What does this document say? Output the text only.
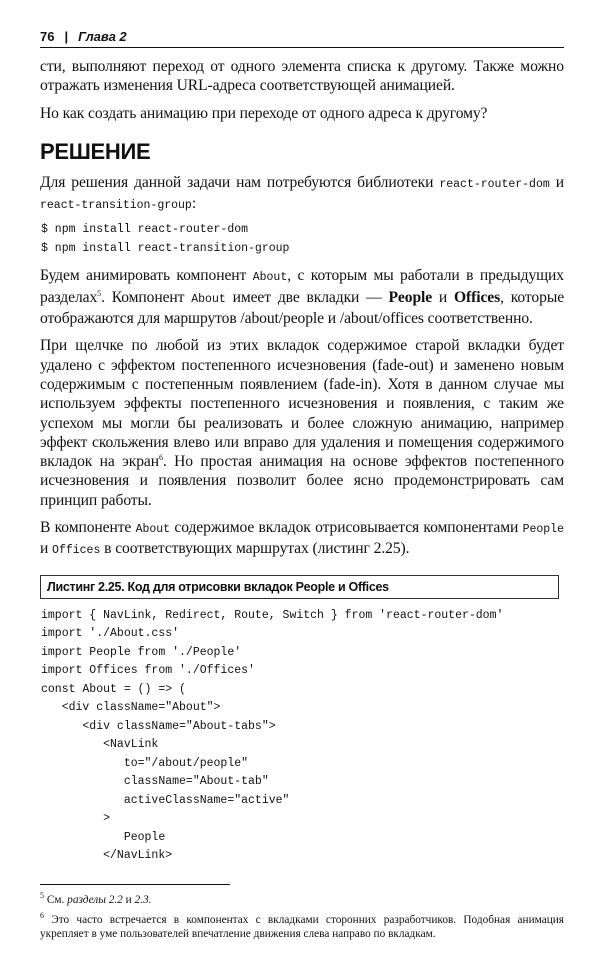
76 | Глава 2
сти, выполняют переход от одного элемента списка к другому. Также можно отражать изменения URL-адреса соответствующей анимацией.
Но как создать анимацию при переходе от одного адреса к другому?
РЕШЕНИЕ
Для решения данной задачи нам потребуются библиотеки react-router-dom и react-transition-group:
$ npm install react-router-dom
$ npm install react-transition-group
Будем анимировать компонент About, с которым мы работали в предыдущих разделах$^5$. Компонент About имеет две вкладки — People и Offices, которые отображаются для маршрутов /about/people и /about/offices соответственно.
При щелчке по любой из этих вкладок содержимое старой вкладки будет удалено с эффектом постепенного исчезновения (fade-out) и заменено новым содержимым с постепенным появлением (fade-in). Хотя в данном случае мы используем эффекты постепенного исчезновения и появления, с таким же успехом мы могли бы реализовать и более сложную анимацию, например эффект скольжения влево или вправо для удаления и помещения содержимого вкладок на экран$^6$. Но простая анимация на основе эффектов постепенного исчезновения и появления позволит более ясно продемонстрировать сам принцип работы.
В компоненте About содержимое вкладок отрисовывается компонентами People и Offices в соответствующих маршрутах (листинг 2.25).
Листинг 2.25. Код для отрисовки вкладок People и Offices
import { NavLink, Redirect, Route, Switch } from 'react-router-dom'
import './About.css'
import People from './People'
import Offices from './Offices'
const About = () => (
<div className="About">
<div className="About-tabs">
<NavLink
to="/about/people"
className="About-tab"
activeClassName="active"
>
People
</NavLink>
$^5$ См. разделы 2.2 и 2.3.
$^6$ Это часто встречается в компонентах с вкладками сторонних разработчиков. Подобная анимация укрепляет в уме пользователей впечатление движения слева направо по вкладкам.
